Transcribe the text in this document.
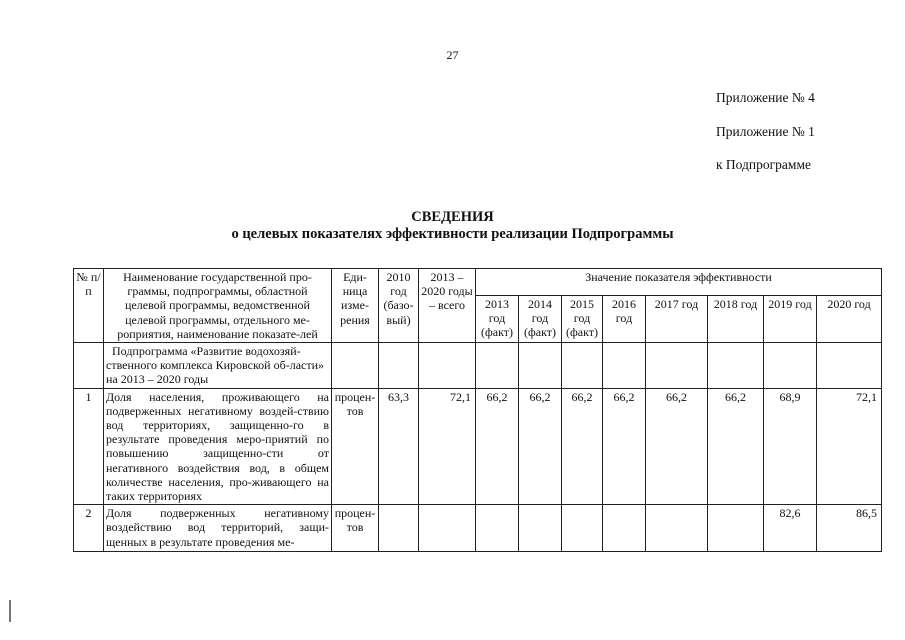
27
Приложение № 4
Приложение № 1
к Подпрограмме
СВЕДЕНИЯ
о целевых показателях эффективности реализации Подпрограммы
№ п/п	Наименование государственной про-граммы, подпрограммы, областной целевой программы, ведомственной целевой программы, отдельного ме-роприятия, наименование показате-лей	Еди-ница изме-рения	2010 год (базо-вый)	2013 – 2020 годы – всего	Значение показателя эффективности							
					2013 год (факт)	2014 год (факт)	2015 год (факт)	2016 год	2017 год	2018 год	2019 год	2020 год
	Подпрограмма «Развитие водохозяй-ственного комплекса Кировской об-ласти» на 2013 – 2020 годы											
1	Доля населения, проживающего на подверженных негативному воздей-ствию вод территориях, защищенно-го в результате проведения меро-приятий по повышению защищенно-сти от негативного воздействия вод, в общем количестве населения, про-живающего на таких территориях	процен-тов	63,3	72,1	66,2	66,2	66,2	66,2	66,2	66,2	68,9	72,1
2	Доля подверженных негативному воздействию вод территорий, защи-щенных в результате проведения ме-	процен-тов									82,6	86,5
